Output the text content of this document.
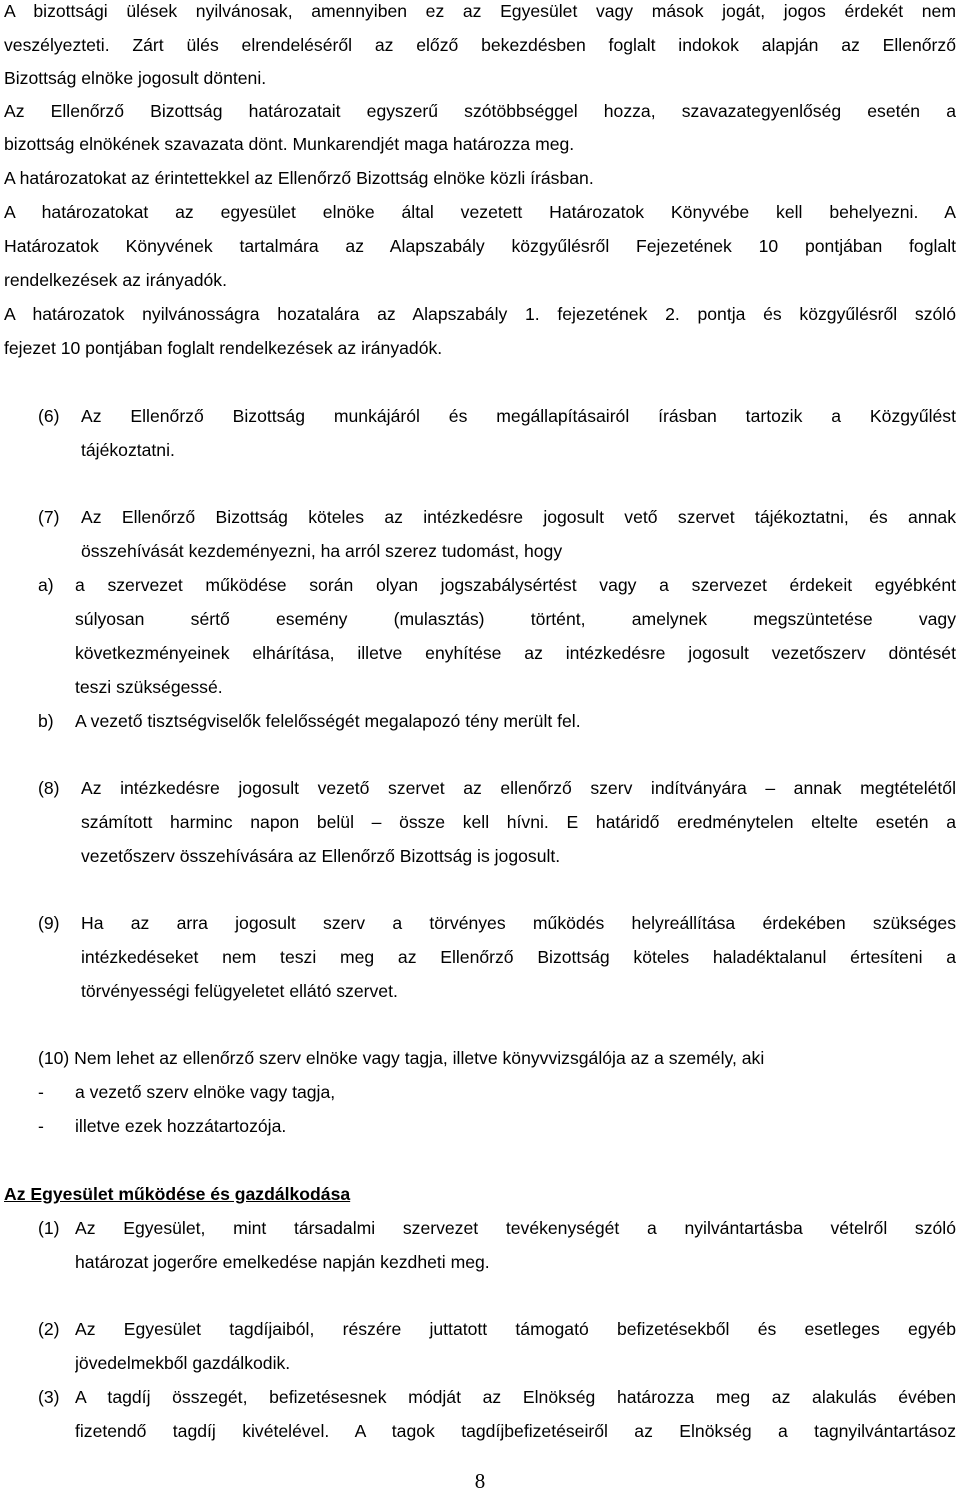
A bizottsági ülések nyilvánosak, amennyiben ez az Egyesület vagy mások jogát, jogos érdekét nem
veszélyezteti. Zárt ülés elrendeléséről az előző bekezdésben foglalt indokok alapján az Ellenőrző
Bizottság elnöke jogosult dönteni.
Az Ellenőrző Bizottság határozatait egyszerű szótöbbséggel hozza, szavazategyenlőség esetén a
bizottság elnökének szavazata dönt. Munkarendjét maga határozza meg.
A határozatokat az érintettekkel az Ellenőrző Bizottság elnöke közli írásban.
A határozatokat az egyesület elnöke által vezetett Határozatok Könyvébe kell behelyezni. A
Határozatok Könyvének tartalmára az Alapszabály közgyűlésről Fejezetének 10 pontjában foglalt
rendelkezések az irányadók.
A határozatok nyilvánosságra hozatalára az Alapszabály 1. fejezetének 2. pontja és közgyűlésről szóló
fejezet 10 pontjában foglalt rendelkezések az irányadók.
(6) Az Ellenőrző Bizottság munkájáról és megállapításairól írásban tartozik a Közgyűlést
tájékoztatni.
(7) Az Ellenőrző Bizottság köteles az intézkedésre jogosult vető szervet tájékoztatni, és annak
összehívását kezdeményezni, ha arról szerez tudomást, hogy
a) a szervezet működése során olyan jogszabálysértést vagy a szervezet érdekeit egyébként
súlyosan sértő esemény (mulasztás) történt, amelynek megszüntetése vagy
következményeinek elhárítása, illetve enyhítése az intézkedésre jogosult vezetőszerv döntését
teszi szükségessé.
b) A vezető tisztségviselők felelősségét megalapozó tény merült fel.
(8) Az intézkedésre jogosult vezető szervet az ellenőrző szerv indítványára – annak megtételétől
számított harminc napon belül – össze kell hívni. E határidő eredménytelen eltelte esetén a
vezetőszerv összehívására az Ellenőrző Bizottság is jogosult.
(9) Ha az arra jogosult szerv a törvényes működés helyreállítása érdekében szükséges
intézkedéseket nem teszi meg az Ellenőrző Bizottság köteles haladéktalanul értesíteni a
törvényességi felügyeletet ellátó szervet.
(10) Nem lehet az ellenőrző szerv elnöke vagy tagja, illetve könyvvizsgálója az a személy, aki
- a vezető szerv elnöke vagy tagja,
- illetve ezek hozzátartozója.
Az Egyesület működése és gazdálkodása
(1) Az Egyesület, mint társadalmi szervezet tevékenységét a nyilvántartásba vételről szóló
határozat jogerőre emelkedése napján kezdheti meg.
(2) Az Egyesület tagdíjaiból, részére juttatott támogató befizetésekből és esetleges egyéb
jövedelmekből gazdálkodik.
(3) A tagdíj összegét, befizetésesnek módját az Elnökség határozza meg az alakulás évében
fizetendő tagdíj kivételével. A tagok tagdíjbefizetéseiről az Elnökség a tagnyilvántartásoz
8
